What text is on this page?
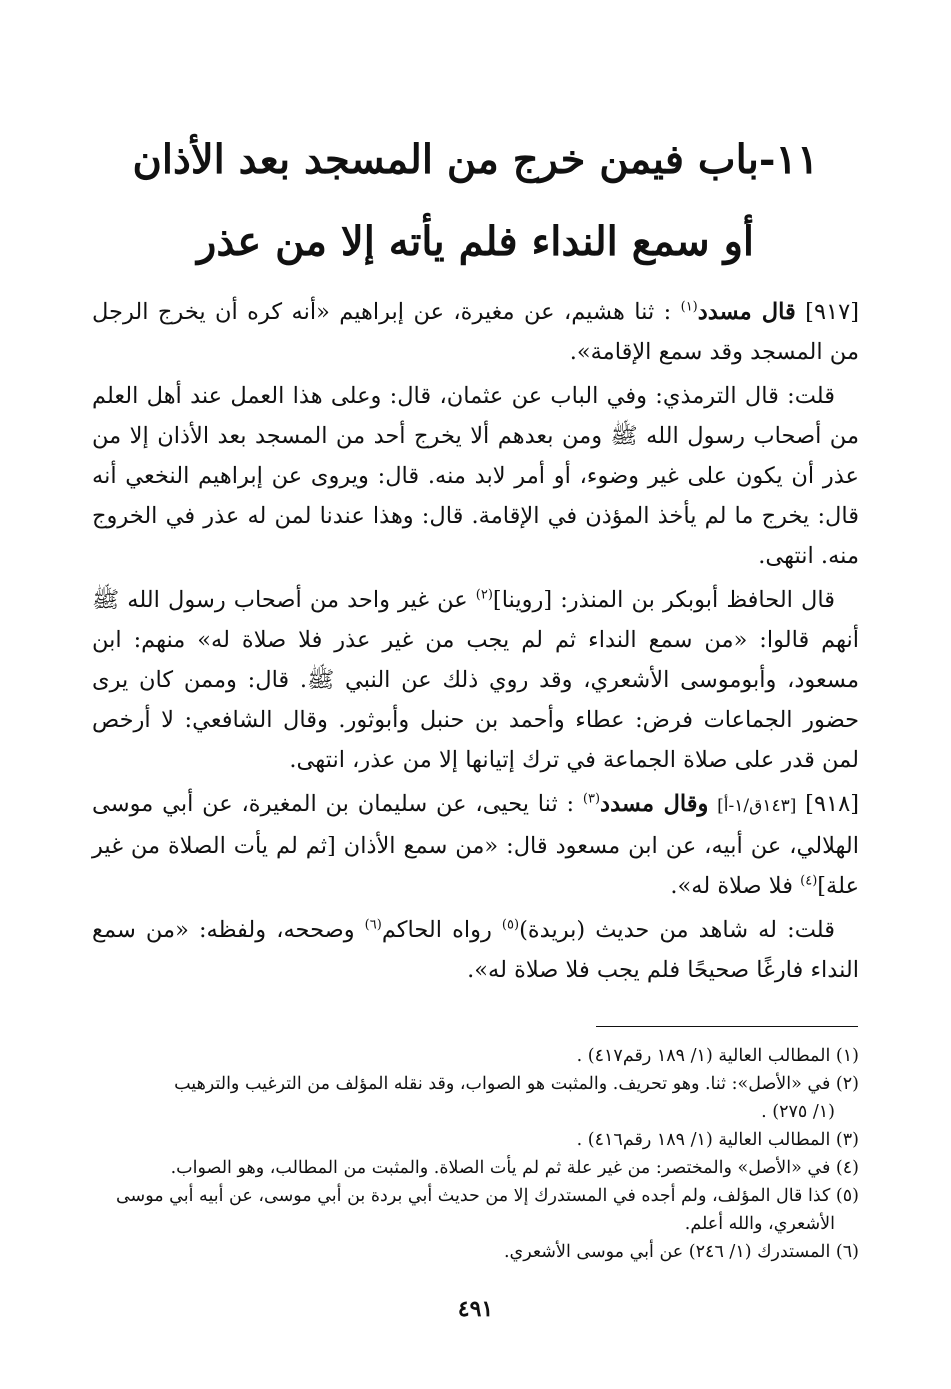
١١-باب فيمن خرج من المسجد بعد الأذان
أو سمع النداء فلم يأته إلا من عذر

[٩١٧] قال مسدد$^{(١)}$ : ثنا هشيم، عن مغيرة، عن إبراهيم «أنه كره أن يخرج الرجل من المسجد وقد سمع الإقامة».

قلت: قال الترمذي: وفي الباب عن عثمان، قال: وعلى هذا العمل عند أهل العلم من أصحاب رسول الله ﷺ ومن بعدهم ألا يخرج أحد من المسجد بعد الأذان إلا من عذر أن يكون على غير وضوء، أو أمر لابد منه. قال: ويروى عن إبراهيم النخعي أنه قال: يخرج ما لم يأخذ المؤذن في الإقامة. قال: وهذا عندنا لمن له عذر في الخروج منه. انتهى.

قال الحافظ أبوبكر بن المنذر: [روينا]$^{(٢)}$ عن غير واحد من أصحاب رسول الله ﷺ أنهم قالوا: «من سمع النداء ثم لم يجب من غير عذر فلا صلاة له» منهم: ابن مسعود، وأبوموسى الأشعري، وقد روي ذلك عن النبي ﷺ. قال: وممن كان يرى حضور الجماعات فرض: عطاء وأحمد بن حنبل وأبوثور. وقال الشافعي: لا أرخص لمن قدر على صلاة الجماعة في ترك إتيانها إلا من عذر، انتهى.

[٩١٨] [١٤٣ق/١-أ] وقال مسدد$^{(٣)}$ : ثنا يحيى، عن سليمان بن المغيرة، عن أبي موسى الهلالي، عن أبيه، عن ابن مسعود قال: «من سمع الأذان [ثم لم يأت الصلاة من غير علة]$^{(٤)}$ فلا صلاة له».

قلت: له شاهد من حديث (بريدة)$^{(٥)}$ رواه الحاكم$^{(٦)}$ وصححه، ولفظه: «من سمع النداء فارغًا صحيحًا فلم يجب فلا صلاة له».

(١) المطالب العالية (١/ ١٨٩ رقم٤١٧) .
(٢) في «الأصل»: ثنا. وهو تحريف. والمثبت هو الصواب، وقد نقله المؤلف من الترغيب والترهيب
(١/ ٢٧٥) .
(٣) المطالب العالية (١/ ١٨٩ رقم٤١٦) .
(٤) في «الأصل» والمختصر: من غير علة ثم لم يأت الصلاة. والمثبت من المطالب، وهو الصواب.
(٥) كذا قال المؤلف، ولم أجده في المستدرك إلا من حديث أبي بردة بن أبي موسى، عن أبيه أبي موسى
الأشعري، والله أعلم.
(٦) المستدرك (١/ ٢٤٦) عن أبي موسى الأشعري.
٤٩١
